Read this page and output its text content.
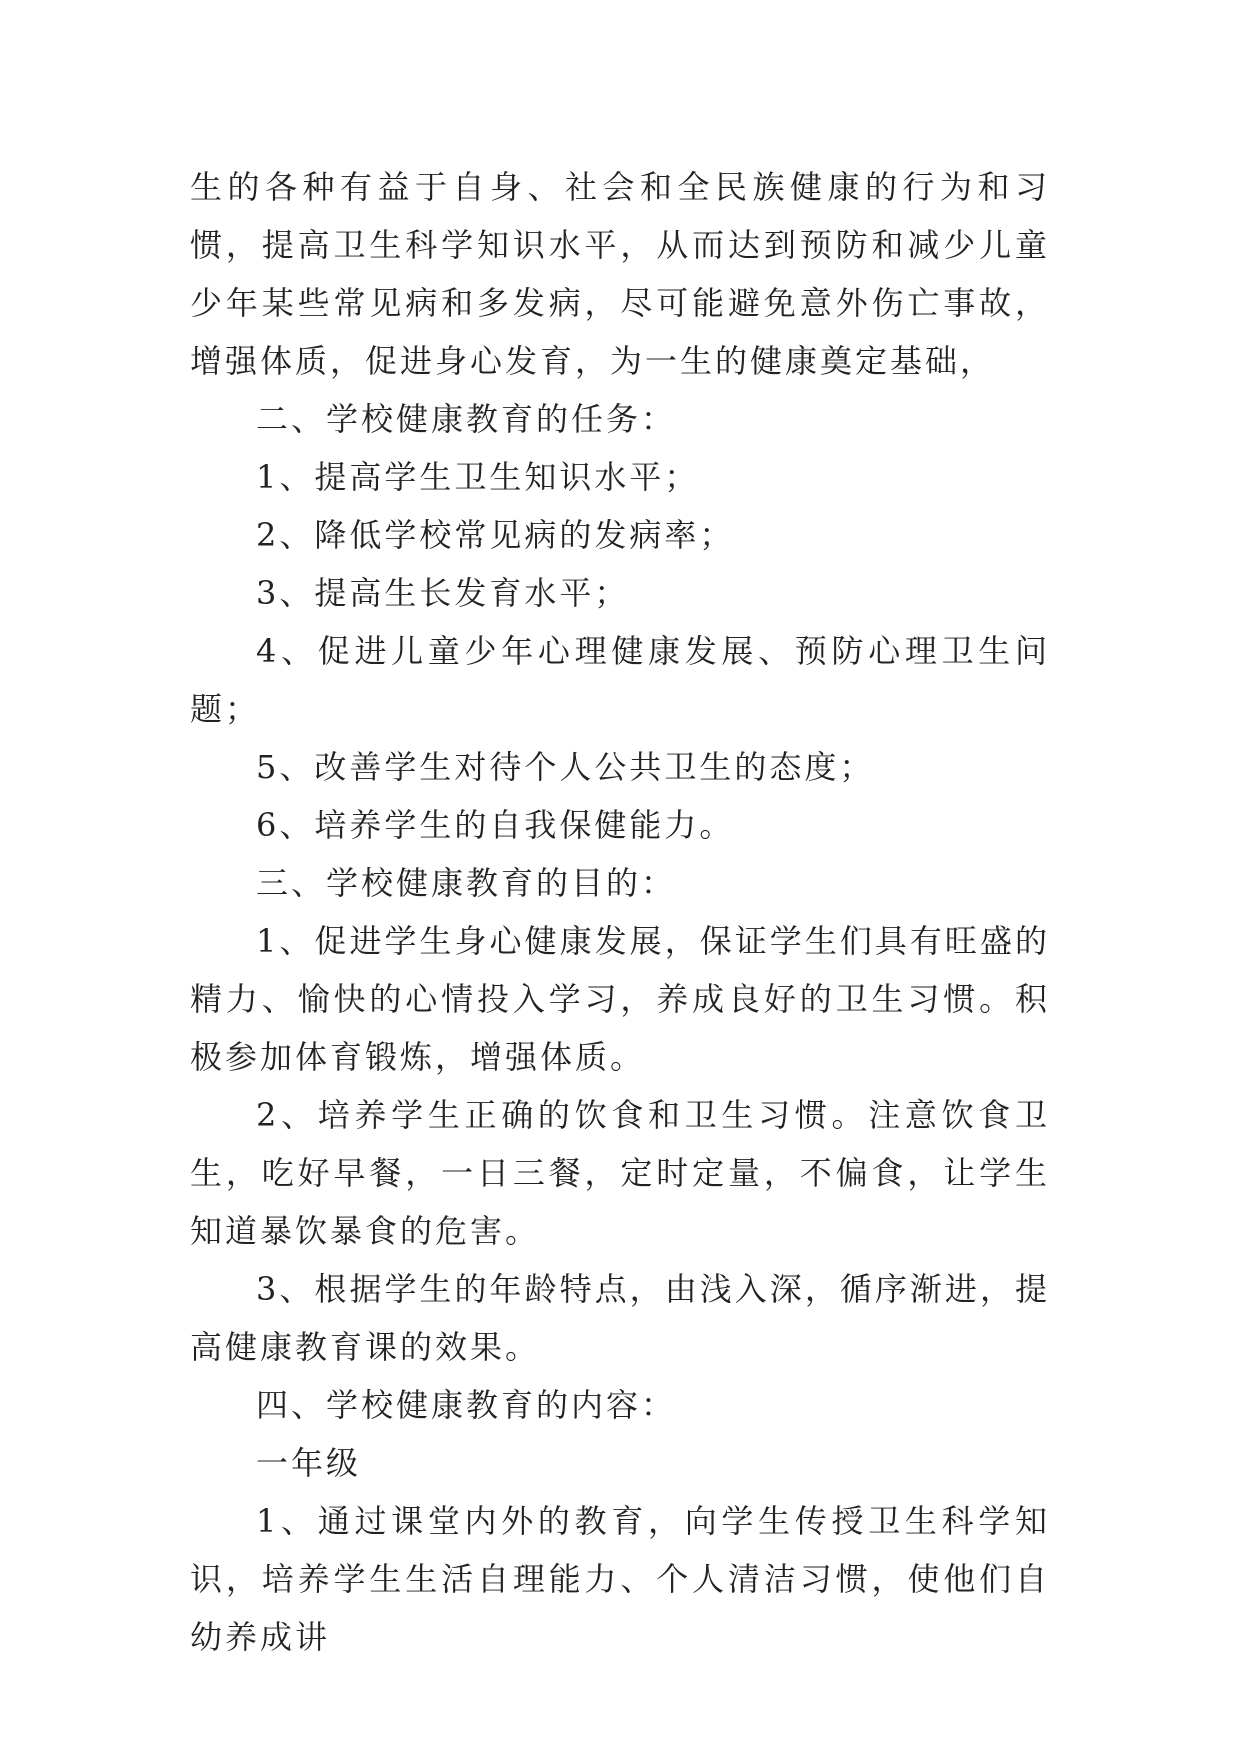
生的各种有益于自身、社会和全民族健康的行为和习惯，提高卫生科学知识水平，从而达到预防和减少儿童少年某些常见病和多发病，尽可能避免意外伤亡事故，增强体质，促进身心发育，为一生的健康奠定基础，

二、学校健康教育的任务：

1、提高学生卫生知识水平；

2、降低学校常见病的发病率；

3、提高生长发育水平；

4、促进儿童少年心理健康发展、预防心理卫生问题；

5、改善学生对待个人公共卫生的态度；

6、培养学生的自我保健能力。

三、学校健康教育的目的：

1、促进学生身心健康发展，保证学生们具有旺盛的精力、愉快的心情投入学习，养成良好的卫生习惯。积极参加体育锻炼，增强体质。

2、培养学生正确的饮食和卫生习惯。注意饮食卫生，吃好早餐，一日三餐，定时定量，不偏食，让学生知道暴饮暴食的危害。

3、根据学生的年龄特点，由浅入深，循序渐进，提高健康教育课的效果。

四、学校健康教育的内容：

一年级

1、通过课堂内外的教育，向学生传授卫生科学知识，培养学生生活自理能力、个人清洁习惯，使他们自幼养成讲
